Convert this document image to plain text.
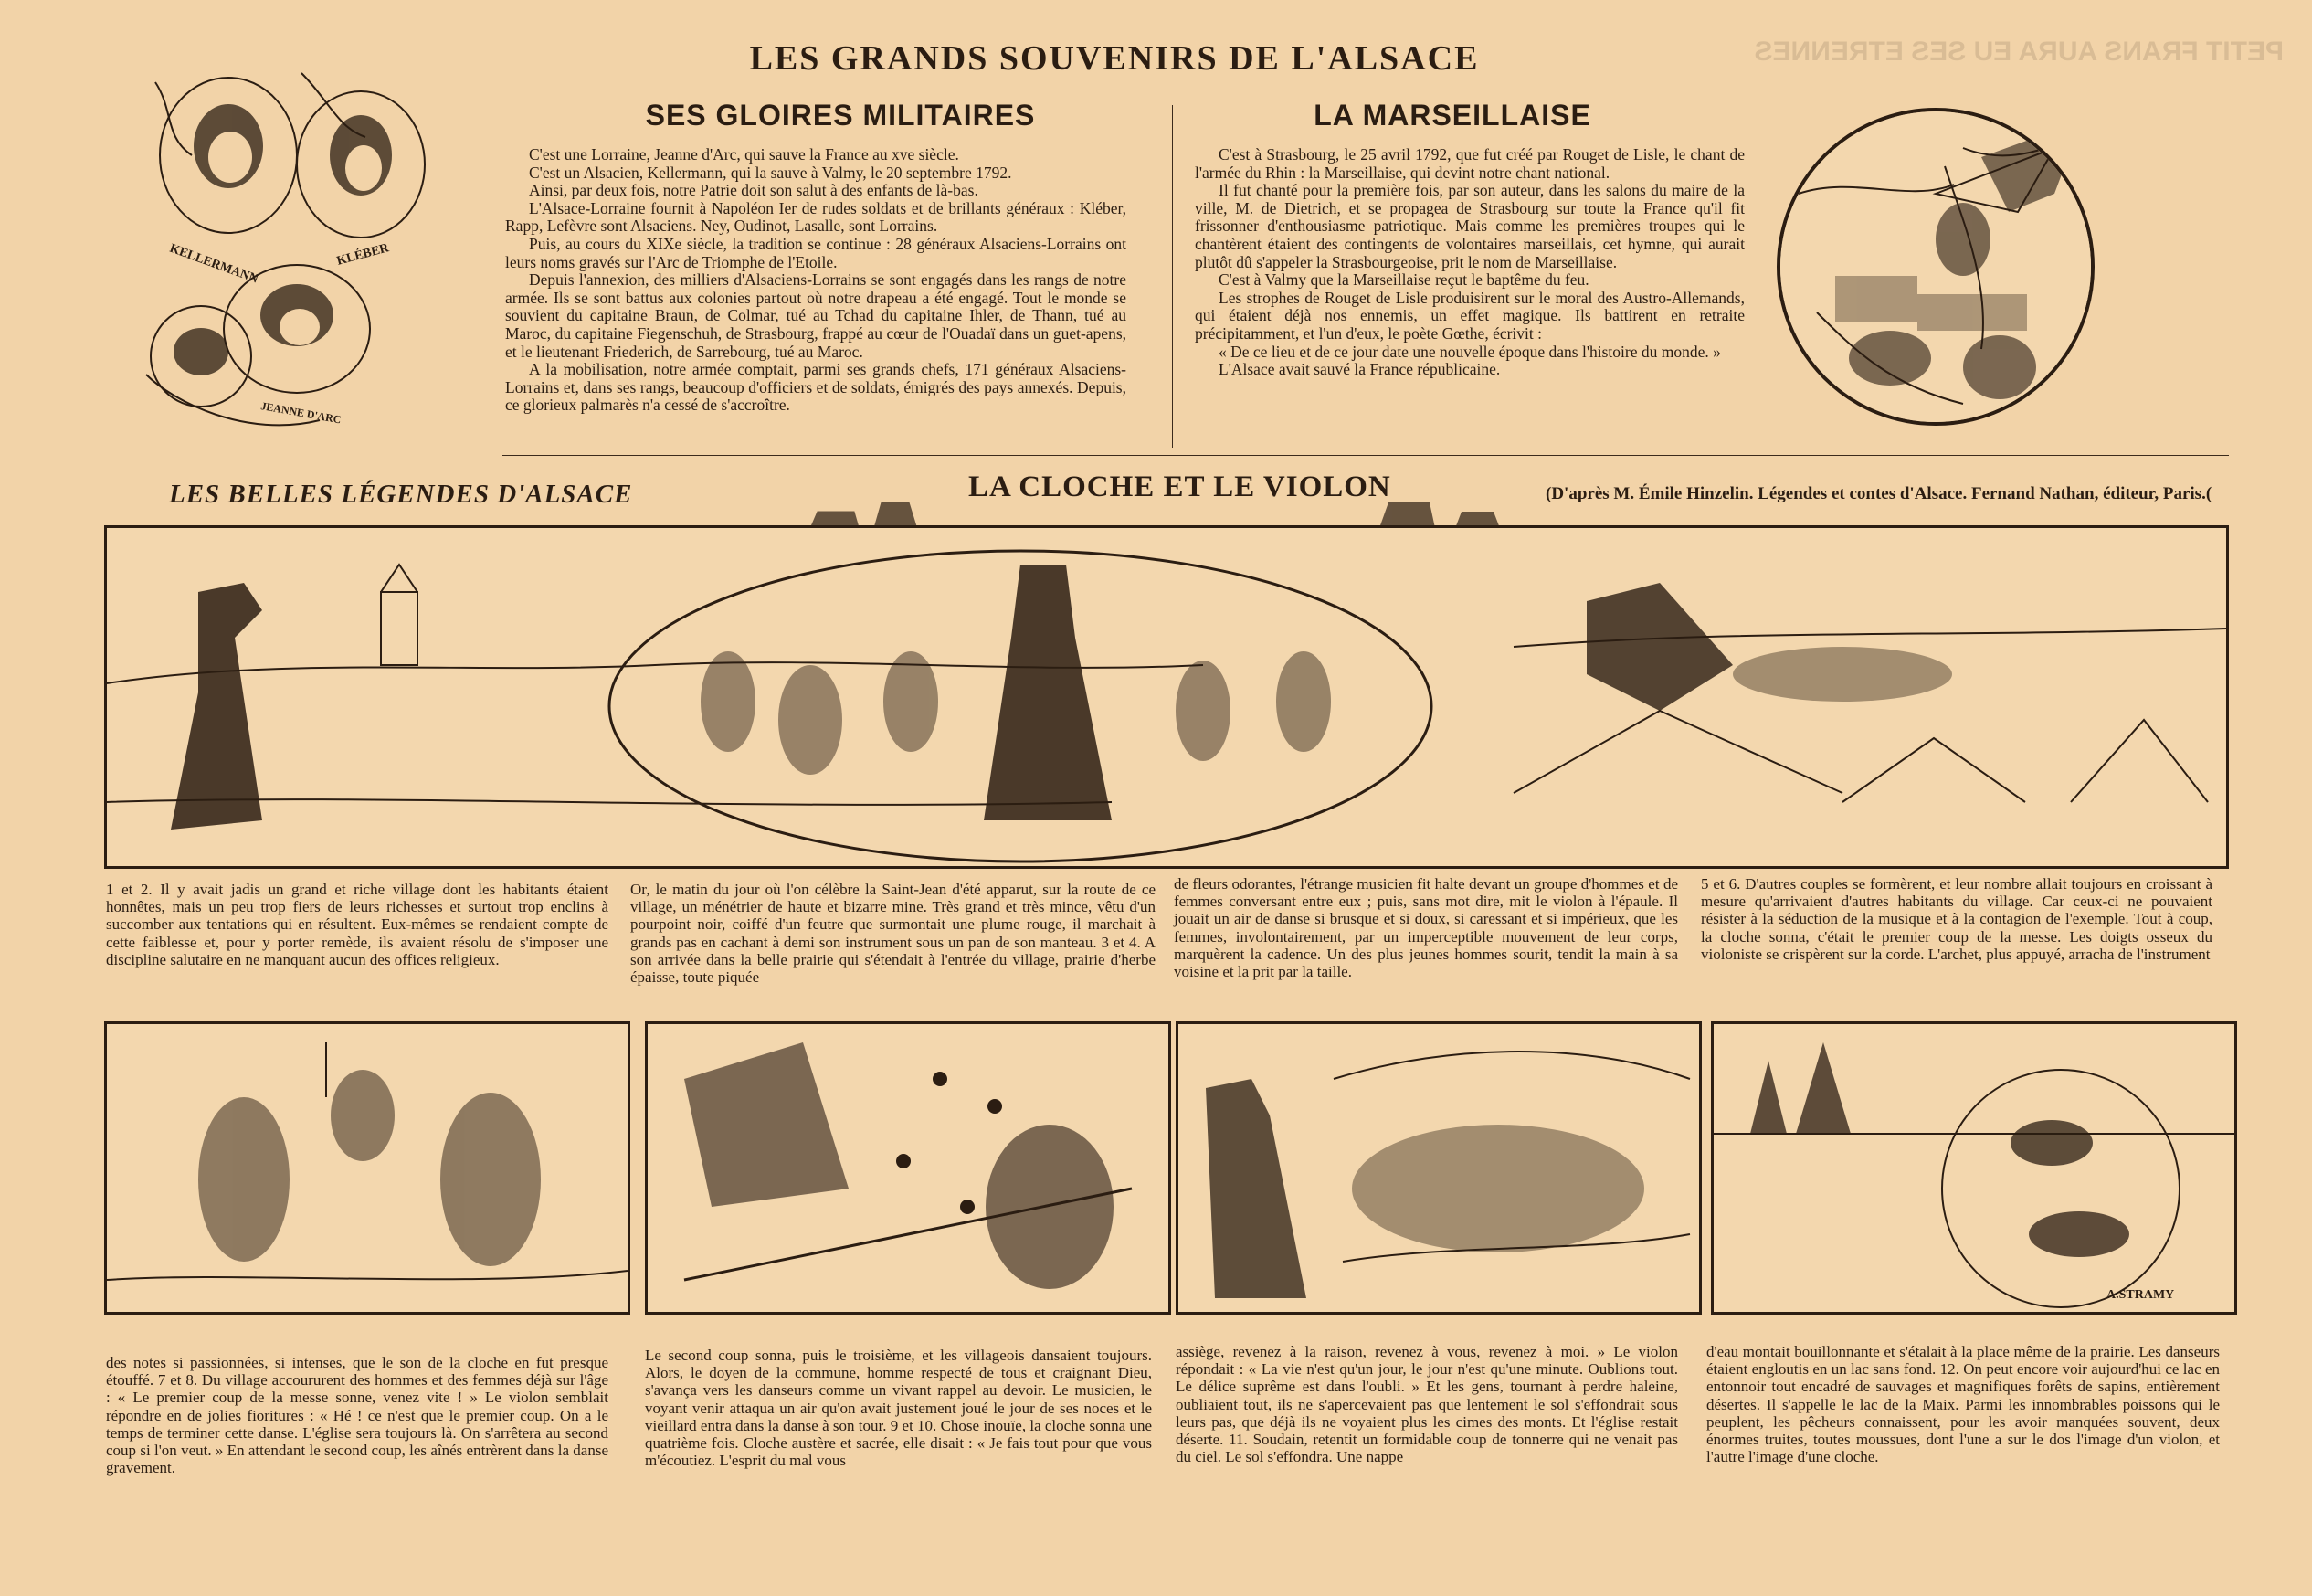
PETIT FRANS AURA EU SES ETRENNES
LES GRANDS SOUVENIRS DE L'ALSACE
KELLERMANN	KLÉBER
JEANNE D'ARC
SES GLOIRES MILITAIRES

C'est une Lorraine, Jeanne d'Arc, qui sauve la France au xve siècle.

C'est un Alsacien, Kellermann, qui la sauve à Valmy, le 20 septembre 1792.

Ainsi, par deux fois, notre Patrie doit son salut à des enfants de là-bas.

L'Alsace-Lorraine fournit à Napoléon Ier de rudes soldats et de brillants généraux : Kléber, Rapp, Lefèvre sont Alsaciens. Ney, Oudinot, Lasalle, sont Lorrains.

Puis, au cours du XIXe siècle, la tradition se continue : 28 généraux Alsaciens-Lorrains ont leurs noms gravés sur l'Arc de Triomphe de l'Etoile.

Depuis l'annexion, des milliers d'Alsaciens-Lorrains se sont engagés dans les rangs de notre armée. Ils se sont battus aux colonies partout où notre drapeau a été engagé. Tout le monde se souvient du capitaine Braun, de Colmar, tué au Tchad du capitaine Ihler, de Thann, tué au Maroc, du capitaine Fiegenschuh, de Strasbourg, frappé au cœur de l'Ouadaï dans un guet-apens, et le lieutenant Friederich, de Sarrebourg, tué au Maroc.

A la mobilisation, notre armée comptait, parmi ses grands chefs, 171 généraux Alsaciens-Lorrains et, dans ses rangs, beaucoup d'officiers et de soldats, émigrés des pays annexés. Depuis, ce glorieux palmarès n'a cessé de s'accroître.

LA MARSEILLAISE

C'est à Strasbourg, le 25 avril 1792, que fut créé par Rouget de Lisle, le chant de l'armée du Rhin : la Marseillaise, qui devint notre chant national.

Il fut chanté pour la première fois, par son auteur, dans les salons du maire de la ville, M. de Dietrich, et se propagea de Strasbourg sur toute la France qu'il fit frissonner d'enthousiasme patriotique. Mais comme les premières troupes qui le chantèrent étaient des contingents de volontaires marseillais, cet hymne, qui aurait plutôt dû s'appeler la Strasbourgeoise, prit le nom de Marseillaise.

C'est à Valmy que la Marseillaise reçut le baptême du feu.

Les strophes de Rouget de Lisle produisirent sur le moral des Austro-Allemands, qui étaient déjà nos ennemis, un effet magique. Ils battirent en retraite précipitamment, et l'un d'eux, le poète Gœthe, écrivit :

« De ce lieu et de ce jour date une nouvelle époque dans l'histoire du monde. »

L'Alsace avait sauvé la France républicaine.

LES BELLES LÉGENDES D'ALSACE	LA CLOCHE ET LE VIOLON	(D'après M. Émile Hinzelin. Légendes et contes d'Alsace. Fernand Nathan, éditeur, Paris.(
1 et 2. Il y avait jadis un grand et riche village dont les habitants étaient honnêtes, mais un peu trop fiers de leurs richesses et surtout trop enclins à succomber aux tentations qui en résultent. Eux-mêmes se rendaient compte de cette faiblesse et, pour y porter remède, ils avaient résolu de s'imposer une discipline salutaire en ne manquant aucun des offices religieux.
Or, le matin du jour où l'on célèbre la Saint-Jean d'été apparut, sur la route de ce village, un ménétrier de haute et bizarre mine. Très grand et très mince, vêtu d'un pourpoint noir, coiffé d'un feutre que surmontait une plume rouge, il marchait à grands pas en cachant à demi son instrument sous un pan de son manteau. 3 et 4. A son arrivée dans la belle prairie qui s'étendait à l'entrée du village, prairie d'herbe épaisse, toute piquée
de fleurs odorantes, l'étrange musicien fit halte devant un groupe d'hommes et de femmes conversant entre eux ; puis, sans mot dire, mit le violon à l'épaule. Il jouait un air de danse si brusque et si doux, si caressant et si impérieux, que les femmes, involontairement, par un imperceptible mouvement de leur corps, marquèrent la cadence. Un des plus jeunes hommes sourit, tendit la main à sa voisine et la prit par la taille.
5 et 6. D'autres couples se formèrent, et leur nombre allait toujours en croissant à mesure qu'arrivaient d'autres habitants du village. Car ceux-ci ne pouvaient résister à la séduction de la musique et à la contagion de l'exemple. Tout à coup, la cloche sonna, c'était le premier coup de la messe. Les doigts osseux du violoniste se crispèrent sur la corde. L'archet, plus appuyé, arracha de l'instrument
A.STRAMY
des notes si passionnées, si intenses, que le son de la cloche en fut presque étouffé. 7 et 8. Du village accoururent des hommes et des femmes déjà sur l'âge : « Le premier coup de la messe sonne, venez vite ! » Le violon semblait répondre en de jolies fioritures : « Hé ! ce n'est que le premier coup. On a le temps de terminer cette danse. L'église sera toujours là. On s'arrêtera au second coup si l'on veut. » En attendant le second coup, les aînés entrèrent dans la danse gravement.
Le second coup sonna, puis le troisième, et les villageois dansaient toujours. Alors, le doyen de la commune, homme respecté de tous et craignant Dieu, s'avança vers les danseurs comme un vivant rappel au devoir. Le musicien, le voyant venir attaqua un air qu'on avait justement joué le jour de ses noces et le vieillard entra dans la danse à son tour. 9 et 10. Chose inouïe, la cloche sonna une quatrième fois. Cloche austère et sacrée, elle disait : « Je fais tout pour que vous m'écoutiez. L'esprit du mal vous
assiège, revenez à la raison, revenez à vous, revenez à moi. » Le violon répondait : « La vie n'est qu'un jour, le jour n'est qu'une minute. Oublions tout. Le délice suprême est dans l'oubli. » Et les gens, tournant à perdre haleine, oubliaient tout, ils ne s'apercevaient pas que lentement le sol s'effondrait sous leurs pas, que déjà ils ne voyaient plus les cimes des monts. Et l'église restait déserte. 11. Soudain, retentit un formidable coup de tonnerre qui ne venait pas du ciel. Le sol s'effondra. Une nappe
d'eau montait bouillonnante et s'étalait à la place même de la prairie. Les danseurs étaient engloutis en un lac sans fond. 12. On peut encore voir aujourd'hui ce lac en entonnoir tout encadré de sauvages et magnifiques forêts de sapins, entièrement désertes. Il s'appelle le lac de la Maix. Parmi les innombrables poissons qui le peuplent, les pêcheurs connaissent, pour les avoir manquées souvent, deux énormes truites, toutes moussues, dont l'une a sur le dos l'image d'un violon, et l'autre l'image d'une cloche.
